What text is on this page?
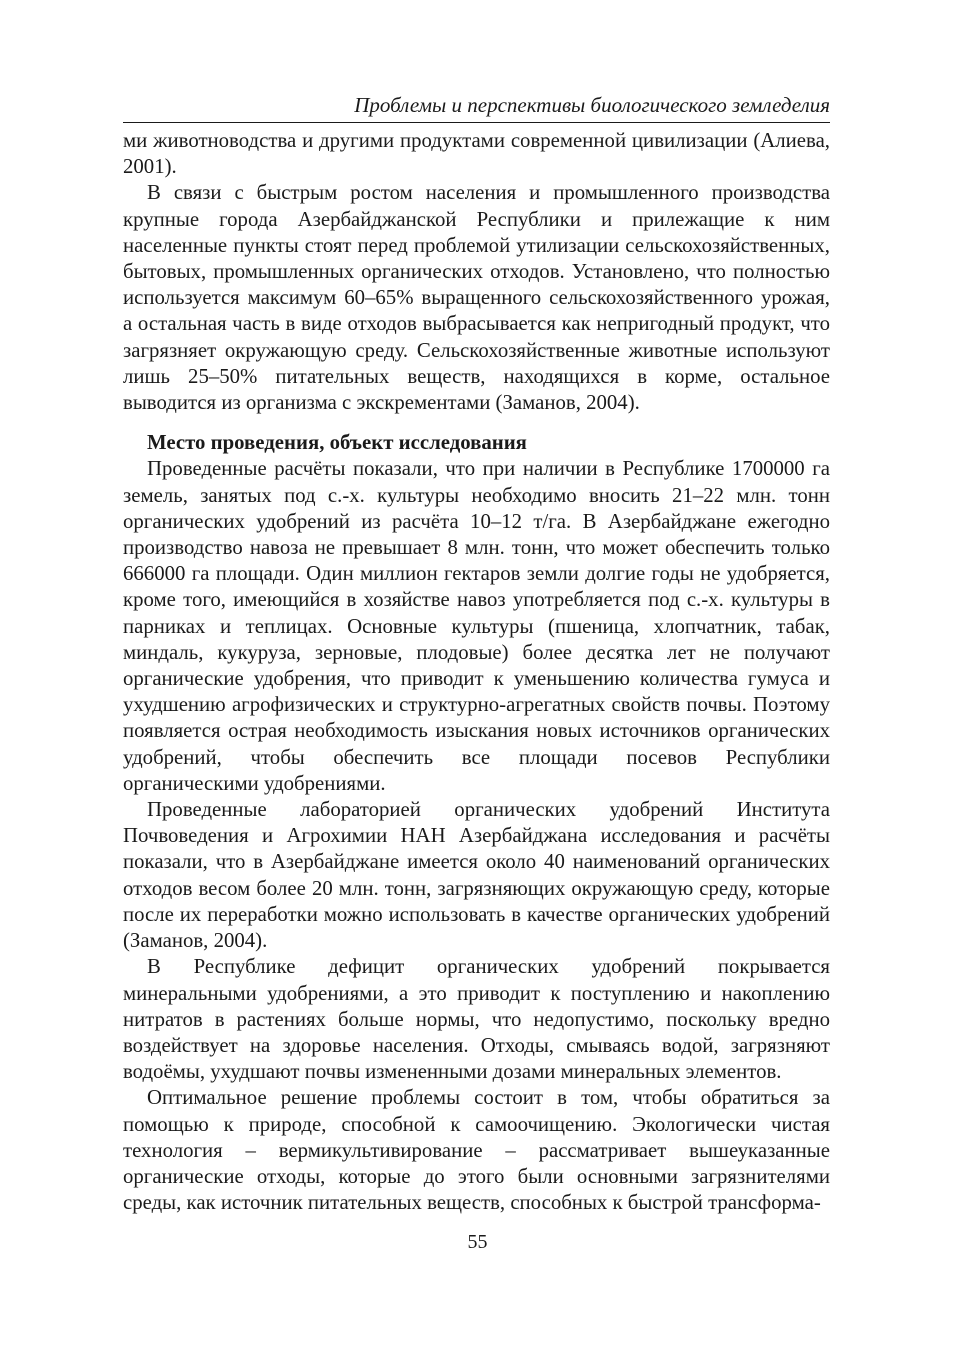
Проблемы и перспективы биологического земледелия

ми животноводства и другими продуктами современной цивилизации (Алиева, 2001).

В связи с быстрым ростом населения и промышленного производства крупные города Азербайджанской Республики и прилежащие к ним населенные пункты стоят перед проблемой утилизации сельскохозяйственных, бытовых, промышленных органических отходов. Установлено, что полностью используется максимум 60–65% выращенного сельскохозяйственного урожая, а остальная часть в виде отходов выбрасывается как непригодный продукт, что загрязняет окружающую среду. Сельскохозяйственные животные используют лишь 25–50% питательных веществ, находящихся в корме, остальное выводится из организма с экскрементами (Заманов, 2004).

Место проведения, объект исследования

Проведенные расчёты показали, что при наличии в Республике 1700000 га земель, занятых под с.-х. культуры необходимо вносить 21–22 млн. тонн органических удобрений из расчёта 10–12 т/га. В Азербайджане ежегодно производство навоза не превышает 8 млн. тонн, что может обеспечить только 666000 га площади. Один миллион гектаров земли долгие годы не удобряется, кроме того, имеющийся в хозяйстве навоз употребляется под с.-х. культуры в парниках и теплицах. Основные культуры (пшеница, хлопчатник, табак, миндаль, кукуруза, зерновые, плодовые) более десятка лет не получают органические удобрения, что приводит к уменьшению количества гумуса и ухудшению агрофизических и структурно-агрегатных свойств почвы. Поэтому появляется острая необходимость изыскания новых источников органических удобрений, чтобы обеспечить все площади посевов Республики органическими удобрениями.

Проведенные лабораторией органических удобрений Института Почвоведения и Агрохимии НАН Азербайджана исследования и расчёты показали, что в Азербайджане имеется около 40 наименований органических отходов весом более 20 млн. тонн, загрязняющих окружающую среду, которые после их переработки можно использовать в качестве органических удобрений (Заманов, 2004).

В Республике дефицит органических удобрений покрывается минеральными удобрениями, а это приводит к поступлению и накоплению нитратов в растениях больше нормы, что недопустимо, поскольку вредно воздействует на здоровье населения. Отходы, смываясь водой, загрязняют водоёмы, ухудшают почвы измененными дозами минеральных элементов.

Оптимальное решение проблемы состоит в том, чтобы обратиться за помощью к природе, способной к самоочищению. Экологически чистая технология – вермикультивирование – рассматривает вышеуказанные органические отходы, которые до этого были основными загрязнителями среды, как источник питательных веществ, способных к быстрой трансформа-

55
